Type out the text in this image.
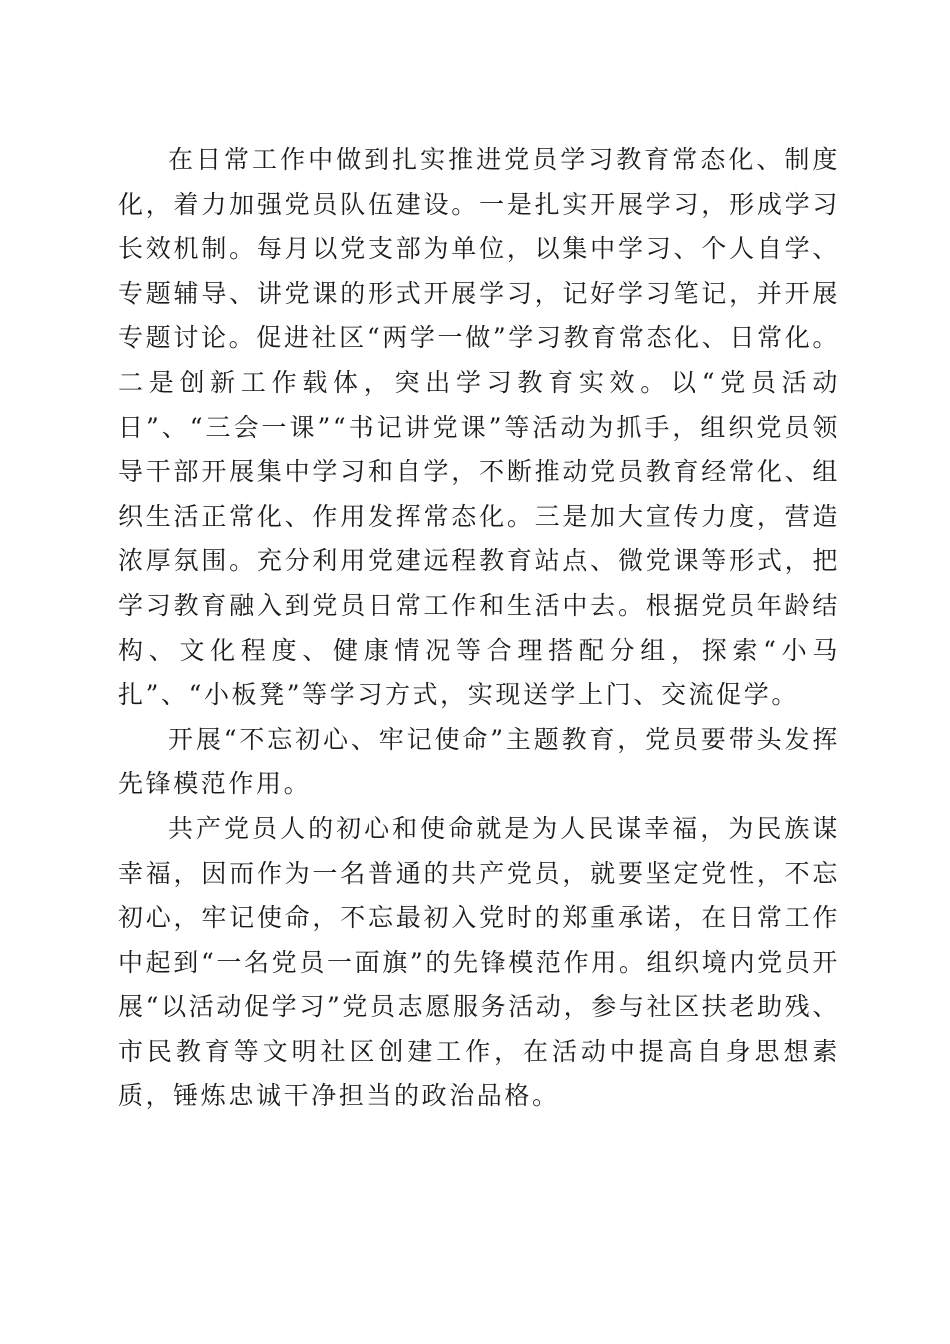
在日常工作中做到扎实推进党员学习教育常态化、制度化，着力加强党员队伍建设。一是扎实开展学习，形成学习长效机制。每月以党支部为单位，以集中学习、个人自学、专题辅导、讲党课的形式开展学习，记好学习笔记，并开展专题讨论。促进社区“两学一做”学习教育常态化、日常化。二是创新工作载体，突出学习教育实效。以“党员活动日”、“三会一课”“书记讲党课”等活动为抓手，组织党员领导干部开展集中学习和自学，不断推动党员教育经常化、组织生活正常化、作用发挥常态化。三是加大宣传力度，营造浓厚氛围。充分利用党建远程教育站点、微党课等形式，把学习教育融入到党员日常工作和生活中去。根据党员年龄结构、文化程度、健康情况等合理搭配分组，探索“小马扎”、“小板凳”等学习方式，实现送学上门、交流促学。

开展“不忘初心、牢记使命”主题教育，党员要带头发挥先锋模范作用。

共产党员人的初心和使命就是为人民谋幸福，为民族谋幸福，因而作为一名普通的共产党员，就要坚定党性，不忘初心，牢记使命，不忘最初入党时的郑重承诺，在日常工作中起到“一名党员一面旗”的先锋模范作用。组织境内党员开展“以活动促学习”党员志愿服务活动，参与社区扶老助残、市民教育等文明社区创建工作，在活动中提高自身思想素质，锤炼忠诚干净担当的政治品格。
